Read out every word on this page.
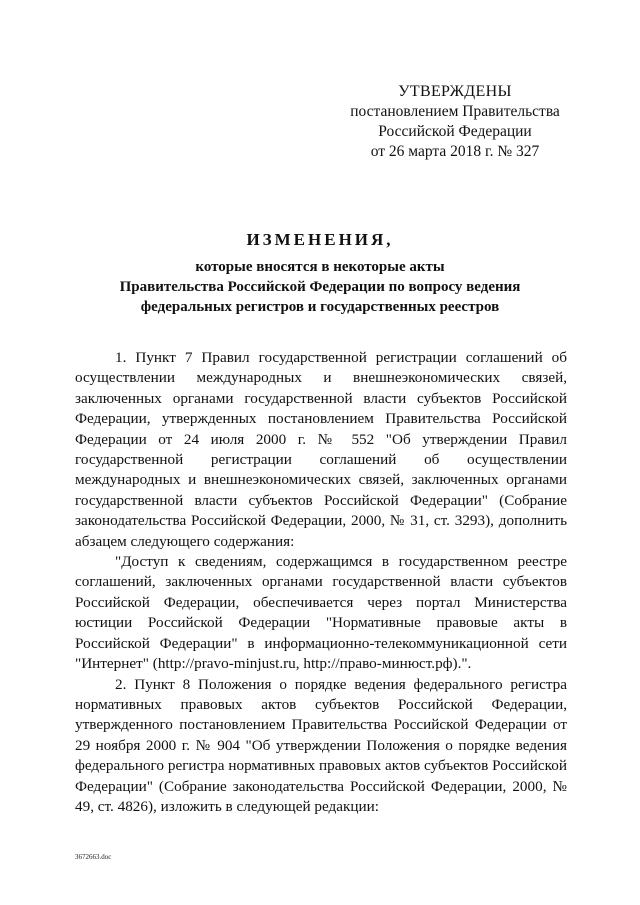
УТВЕРЖДЕНЫ
постановлением Правительства
Российской Федерации
от 26 марта 2018 г. № 327
ИЗМЕНЕНИЯ,
которые вносятся в некоторые акты
Правительства Российской Федерации по вопросу ведения
федеральных регистров и государственных реестров

1. Пункт 7 Правил государственной регистрации соглашений об осуществлении международных и внешнеэкономических связей, заключенных органами государственной власти субъектов Российской Федерации, утвержденных постановлением Правительства Российской Федерации от 24 июля 2000 г. № 552 "Об утверждении Правил государственной регистрации соглашений об осуществлении международных и внешнеэкономических связей, заключенных органами государственной власти субъектов Российской Федерации" (Собрание законодательства Российской Федерации, 2000, № 31, ст. 3293), дополнить абзацем следующего содержания:

"Доступ к сведениям, содержащимся в государственном реестре соглашений, заключенных органами государственной власти субъектов Российской Федерации, обеспечивается через портал Министерства юстиции Российской Федерации "Нормативные правовые акты в Российской Федерации" в информационно-телекоммуникационной сети "Интернет" (http://pravo-minjust.ru, http://право-минюст.рф).".

2. Пункт 8 Положения о порядке ведения федерального регистра нормативных правовых актов субъектов Российской Федерации, утвержденного постановлением Правительства Российской Федерации от 29 ноября 2000 г. № 904 "Об утверждении Положения о порядке ведения федерального регистра нормативных правовых актов субъектов Российской Федерации" (Собрание законодательства Российской Федерации, 2000, № 49, ст. 4826), изложить в следующей редакции:

3672663.doc
